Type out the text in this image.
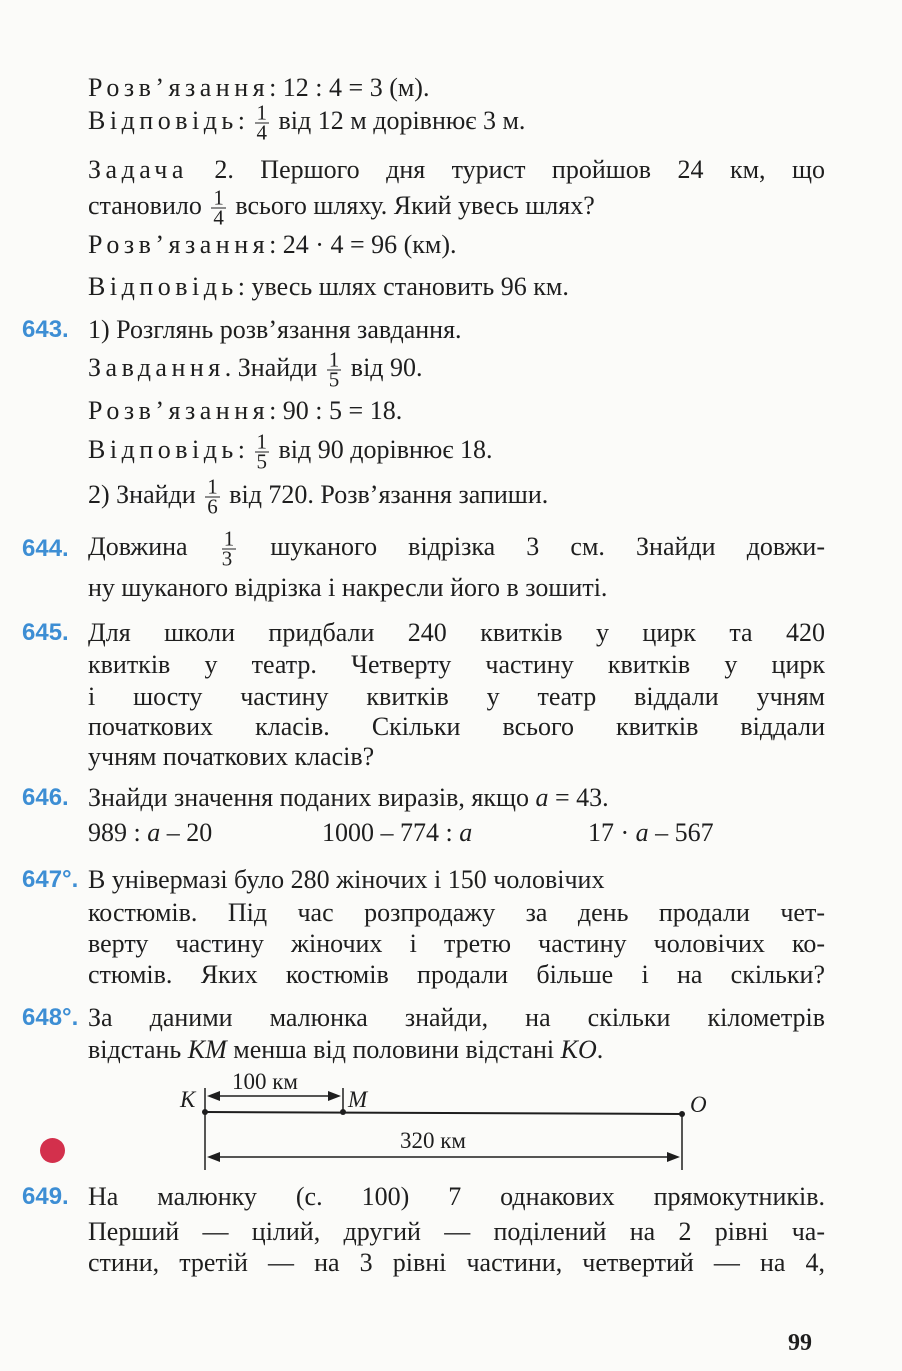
Розв’язання: 12 : 4 = 3 (м).
Відповідь: $\frac{1}{4}$ від 12 м дорівнює 3 м.
Задача 2. Першого дня турист пройшов 24 км, що
становило $\frac{1}{4}$ всього шляху. Який увесь шлях?
Розв’язання: 24 · 4 = 96 (км).
Відповідь: увесь шлях становить 96 км.
643. 1) Розглянь розв’язання завдання.
Завдання. Знайди $\frac{1}{5}$ від 90.
Розв’язання: 90 : 5 = 18.
Відповідь: $\frac{1}{5}$ від 90 дорівнює 18.
2) Знайди $\frac{1}{6}$ від 720. Розв’язання запиши.
644. Довжина $\frac{1}{3}$ шуканого відрізка 3 см. Знайди довжи-
ну шуканого відрізка і накресли його в зошиті.
645. Для школи придбали 240 квитків у цирк та 420
квитків у театр. Четверту частину квитків у цирк
і шосту частину квитків у театр віддали учням
початкових класів. Скільки всього квитків віддали
учням початкових класів?
646. Знайди значення поданих виразів, якщо a = 43.
647°. В універмазі було 280 жіночих і 150 чоловічих
костюмів. Під час розпродажу за день продали чет-
верту частину жіночих і третю частину чоловічих ко-
стюмів. Яких костюмів продали більше і на скільки?
648°. За даними малюнка знайди, на скільки кілометрів
відстань KM менша від половини відстані KO.
649. На малюнку (с. 100) 7 однакових прямокутників.
Перший — цілий, другий — поділений на 2 рівні ча-
стини, третій — на 3 рівні частини, четвертий — на 4,
989 : a – 20	1000 – 774 : a	17 · a – 567
K	M	O
100 км
320 км
99
